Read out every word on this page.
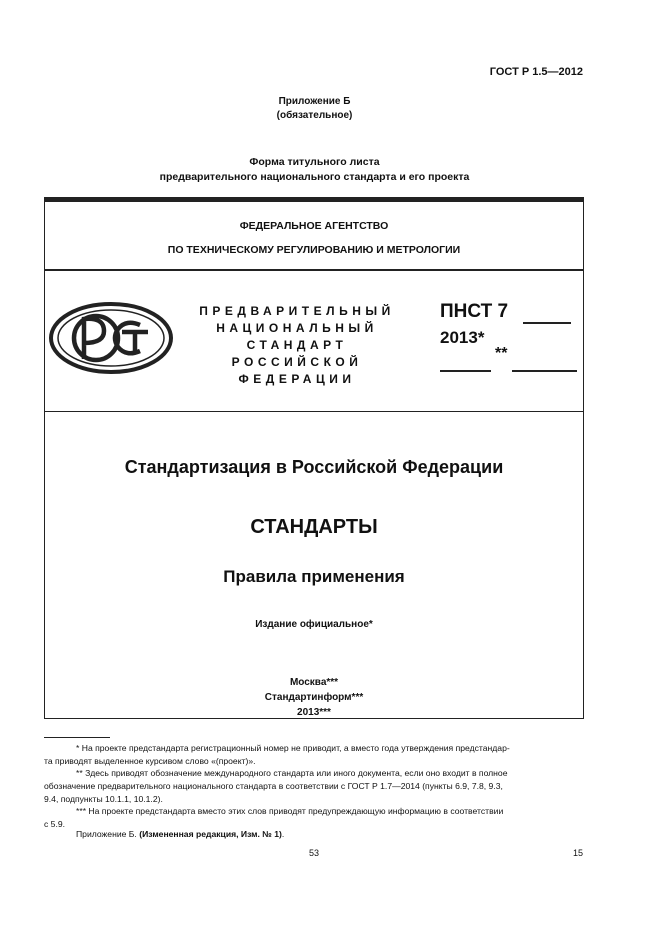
ГОСТ Р 1.5—2012
Приложение Б
(обязательное)
Форма титульного листа
предварительного национального стандарта и его проекта
ФЕДЕРАЛЬНОЕ АГЕНТСТВО
ПО ТЕХНИЧЕСКОМУ РЕГУЛИРОВАНИЮ И МЕТРОЛОГИИ
ПРЕДВАРИТЕЛЬНЫЙ
НАЦИОНАЛЬНЫЙ
СТАНДАРТ
РОССИЙСКОЙ
ФЕДЕРАЦИИ
ПНСТ 7
2013*
**
Стандартизация в Российской Федерации
СТАНДАРТЫ
Правила применения
Издание официальное*
Москва***
Стандартинформ***
2013***
* На проекте предстандарта регистрационный номер не приводит, а вместо года утверждения предстандар-
та приводят выделенное курсивом слово «(проект)».
** Здесь приводят обозначение международного стандарта или иного документа, если оно входит в полное
обозначение предварительного национального стандарта в соответствии с ГОСТ Р 1.7—2014 (пункты 6.9, 7.8, 9.3,
9.4, подпункты 10.1.1, 10.1.2).
*** На проекте предстандарта вместо этих слов приводят предупреждающую информацию в соответствии
с 5.9.
Приложение Б. (Измененная редакция, Изм. № 1).
53	15
